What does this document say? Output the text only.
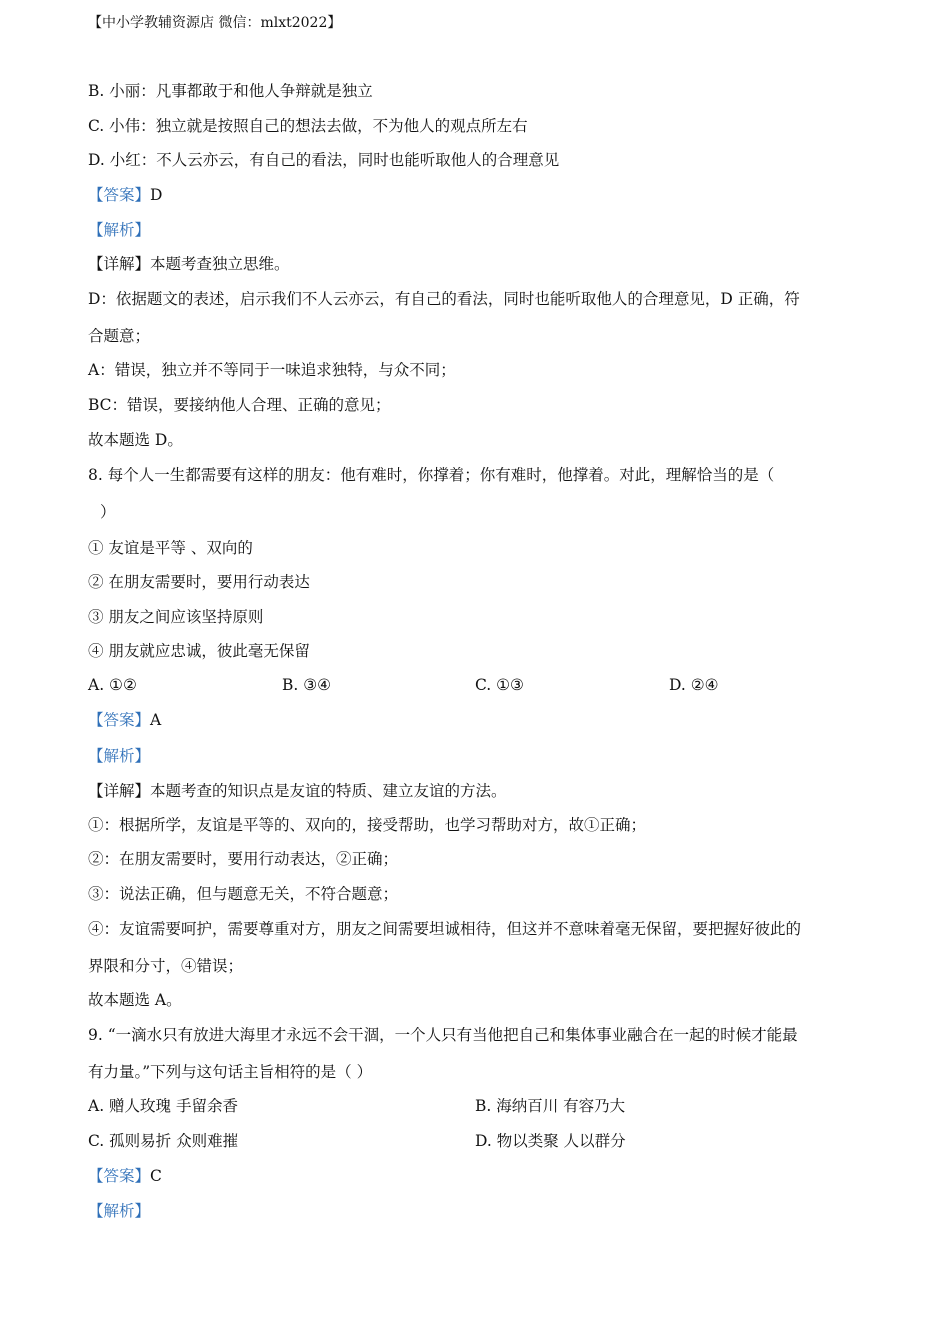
【中小学教辅资源店 微信：mlxt2022】
B. 小丽：凡事都敢于和他人争辩就是独立
C. 小伟：独立就是按照自己的想法去做，不为他人的观点所左右
D. 小红：不人云亦云，有自己的看法，同时也能听取他人的合理意见
【答案】D
【解析】
【详解】本题考查独立思维。
D：依据题文的表述，启示我们不人云亦云，有自己的看法，同时也能听取他人的合理意见，D 正确，符
合题意；
A：错误，独立并不等同于一味追求独特，与众不同；
BC：错误，要接纳他人合理、正确的意见；
故本题选 D。
8. 每个人一生都需要有这样的朋友：他有难时，你撑着；你有难时，他撑着。对此，理解恰当的是（
）
① 友谊是平等 、双向的
② 在朋友需要时，要用行动表达
③ 朋友之间应该坚持原则
④ 朋友就应忠诚，彼此毫无保留
A. ①②	B. ③④	C. ①③	D. ②④
【答案】A
【解析】
【详解】本题考查的知识点是友谊的特质、建立友谊的方法。
①：根据所学，友谊是平等的、双向的，接受帮助，也学习帮助对方，故①正确；
②：在朋友需要时，要用行动表达，②正确；
③：说法正确，但与题意无关，不符合题意；
④：友谊需要呵护，需要尊重对方，朋友之间需要坦诚相待，但这并不意味着毫无保留，要把握好彼此的
界限和分寸，④错误；
故本题选 A。
9. “一滴水只有放进大海里才永远不会干涸，一个人只有当他把自己和集体事业融合在一起的时候才能最
有力量。”下列与这句话主旨相符的是（ ）
A. 赠人玫瑰 手留余香	B. 海纳百川 有容乃大
C. 孤则易折 众则难摧	D. 物以类聚 人以群分
【答案】C
【解析】
